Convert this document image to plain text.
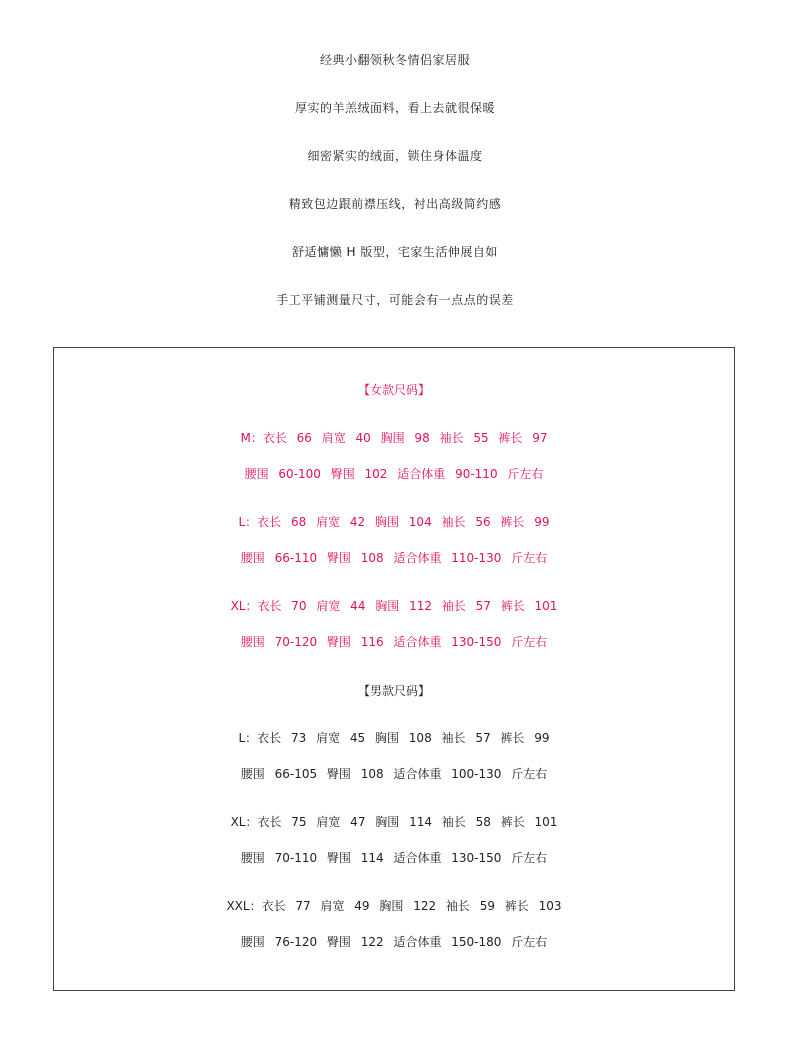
经典小翻领秋冬情侣家居服
厚实的羊羔绒面料，看上去就很保暖
细密紧实的绒面，锁住身体温度
精致包边跟前襟压线，衬出高级简约感
舒适慵懒 H 版型，宅家生活伸展自如
手工平铺测量尺寸，可能会有一点点的误差
【女款尺码】
M：衣长 66 肩宽 40 胸围 98 袖长 55 裤长 97
腰围 60-100 臀围 102 适合体重 90-110 斤左右
L：衣长 68 肩宽 42 胸围 104 袖长 56 裤长 99
腰围 66-110 臀围 108 适合体重 110-130 斤左右
XL：衣长 70 肩宽 44 胸围 112 袖长 57 裤长 101
腰围 70-120 臀围 116 适合体重 130-150 斤左右
【男款尺码】
L：衣长 73 肩宽 45 胸围 108 袖长 57 裤长 99
腰围 66-105 臀围 108 适合体重 100-130 斤左右
XL：衣长 75 肩宽 47 胸围 114 袖长 58 裤长 101
腰围 70-110 臀围 114 适合体重 130-150 斤左右
XXL：衣长 77 肩宽 49 胸围 122 袖长 59 裤长 103
腰围 76-120 臀围 122 适合体重 150-180 斤左右
